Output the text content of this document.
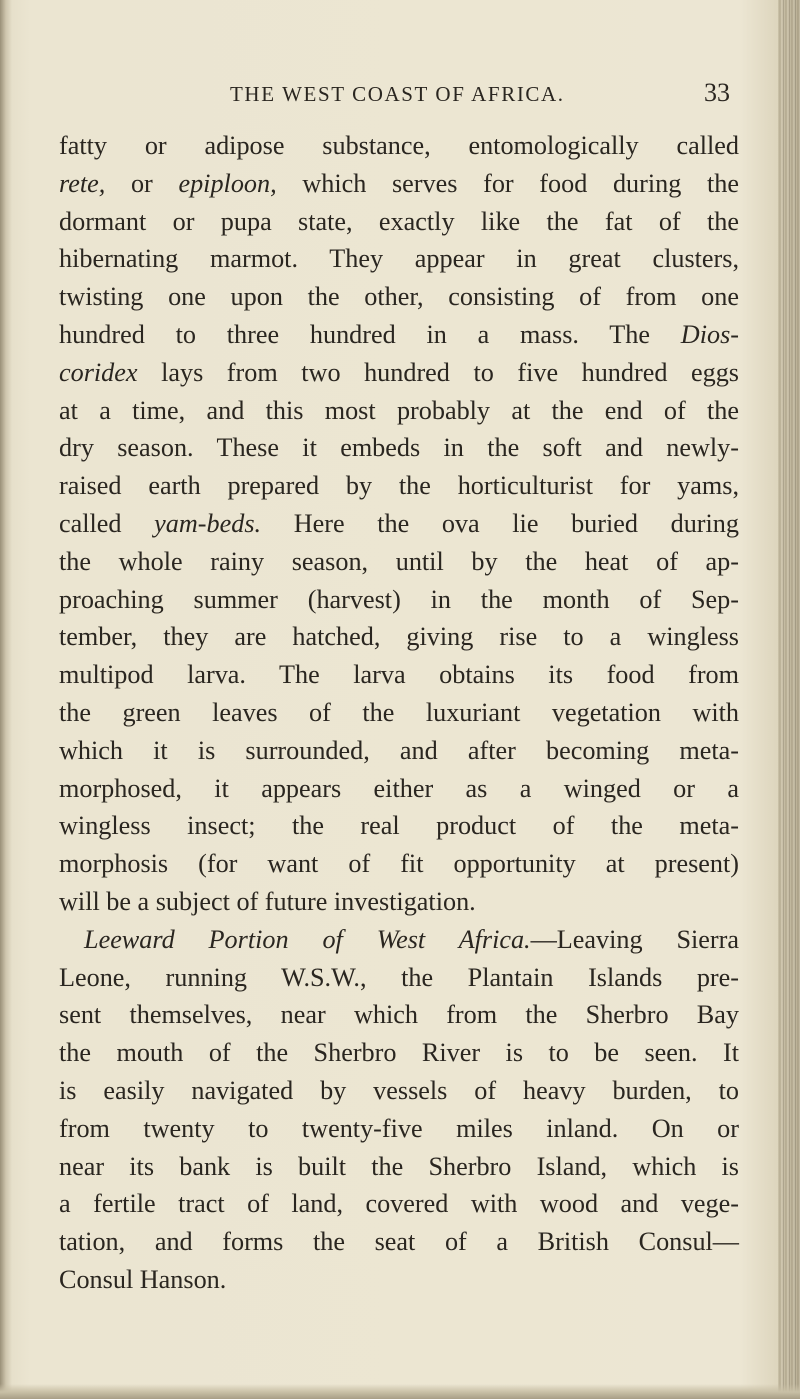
THE WEST COAST OF AFRICA.	33
fatty or adipose substance, entomologically called
rete, or epiploon, which serves for food during the
dormant or pupa state, exactly like the fat of the
hibernating marmot. They appear in great clusters,
twisting one upon the other, consisting of from one
hundred to three hundred in a mass. The Dios-
coridex lays from two hundred to five hundred eggs
at a time, and this most probably at the end of the
dry season. These it embeds in the soft and newly-
raised earth prepared by the horticulturist for yams,
called yam-beds. Here the ova lie buried during
the whole rainy season, until by the heat of ap-
proaching summer (harvest) in the month of Sep-
tember, they are hatched, giving rise to a wingless
multipod larva. The larva obtains its food from
the green leaves of the luxuriant vegetation with
which it is surrounded, and after becoming meta-
morphosed, it appears either as a winged or a
wingless insect; the real product of the meta-
morphosis (for want of fit opportunity at present)
will be a subject of future investigation.
Leeward Portion of West Africa.—Leaving Sierra
Leone, running W.S.W., the Plantain Islands pre-
sent themselves, near which from the Sherbro Bay
the mouth of the Sherbro River is to be seen. It
is easily navigated by vessels of heavy burden, to
from twenty to twenty-five miles inland. On or
near its bank is built the Sherbro Island, which is
a fertile tract of land, covered with wood and vege-
tation, and forms the seat of a British Consul—
Consul Hanson.
